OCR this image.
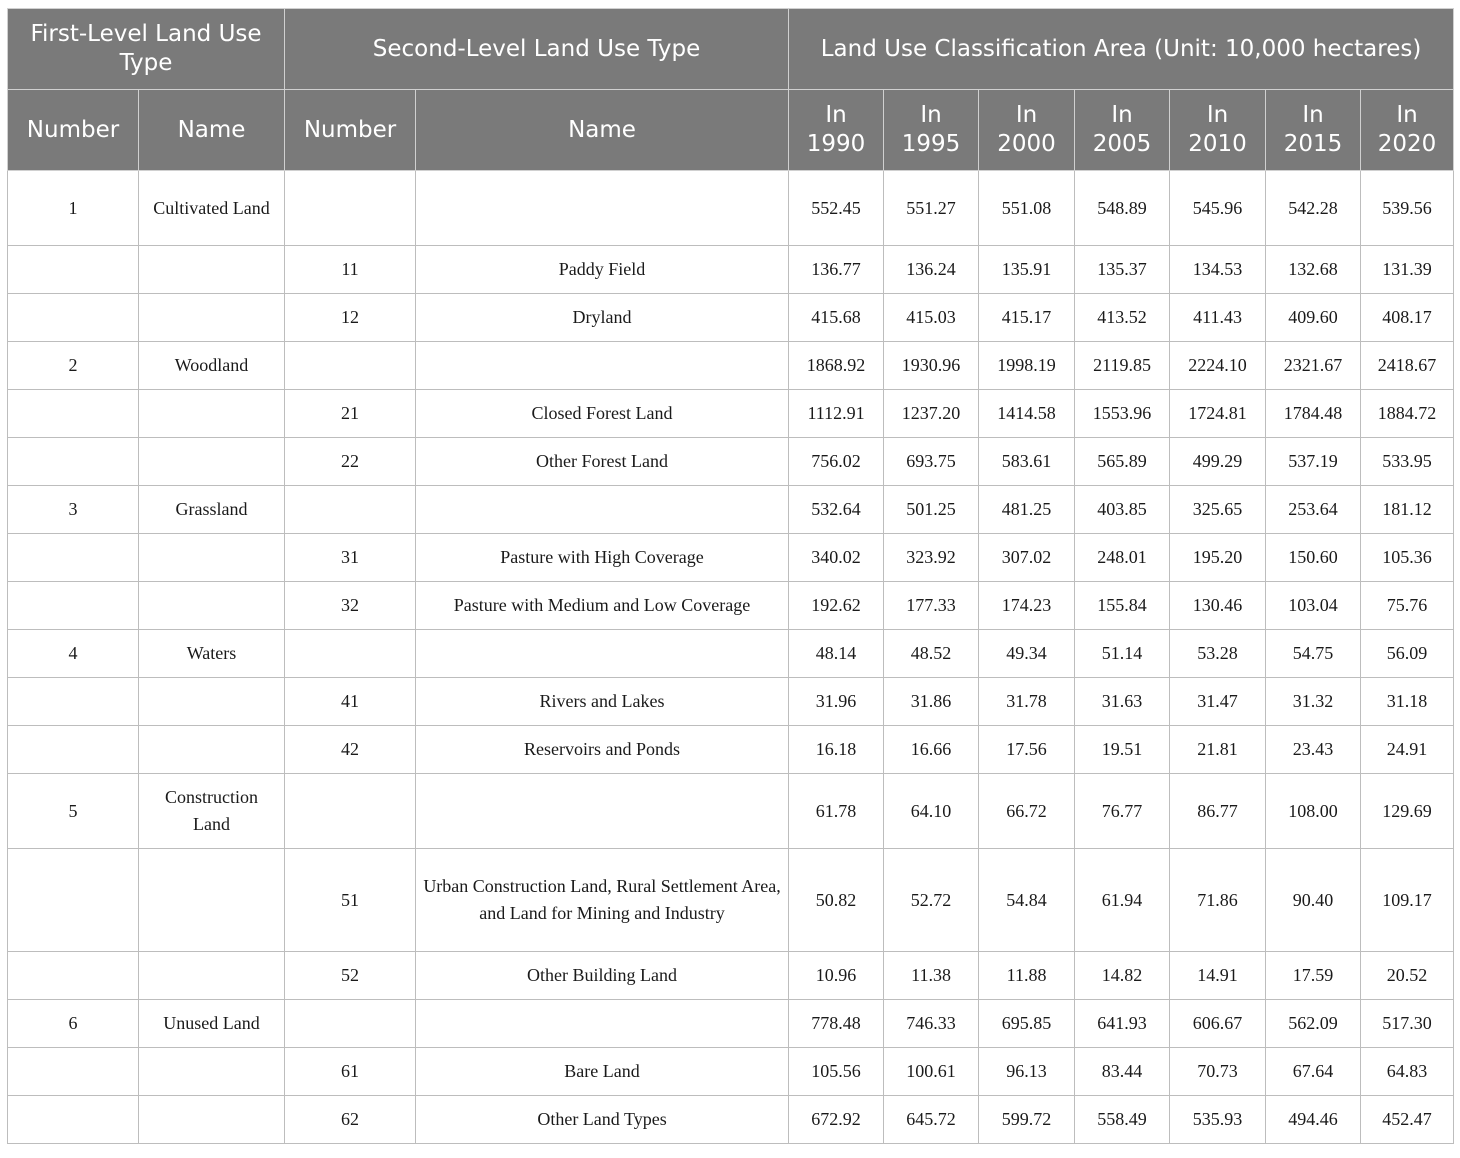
First-Level Land Use Type		Second-Level Land Use Type		Land Use Classification Area (Unit: 10,000 hectares)						
Number	Name	Number	Name	In 1990	In 1995	In 2000	In 2005	In 2010	In 2015	In 2020
1	Cultivated Land			552.45	551.27	551.08	548.89	545.96	542.28	539.56
		11	Paddy Field	136.77	136.24	135.91	135.37	134.53	132.68	131.39
		12	Dryland	415.68	415.03	415.17	413.52	411.43	409.60	408.17
2	Woodland			1868.92	1930.96	1998.19	2119.85	2224.10	2321.67	2418.67
		21	Closed Forest Land	1112.91	1237.20	1414.58	1553.96	1724.81	1784.48	1884.72
		22	Other Forest Land	756.02	693.75	583.61	565.89	499.29	537.19	533.95
3	Grassland			532.64	501.25	481.25	403.85	325.65	253.64	181.12
		31	Pasture with High Coverage	340.02	323.92	307.02	248.01	195.20	150.60	105.36
		32	Pasture with Medium and Low Coverage	192.62	177.33	174.23	155.84	130.46	103.04	75.76
4	Waters			48.14	48.52	49.34	51.14	53.28	54.75	56.09
		41	Rivers and Lakes	31.96	31.86	31.78	31.63	31.47	31.32	31.18
		42	Reservoirs and Ponds	16.18	16.66	17.56	19.51	21.81	23.43	24.91
5	Construction Land			61.78	64.10	66.72	76.77	86.77	108.00	129.69
		51	Urban Construction Land, Rural Settlement Area, and Land for Mining and Industry	50.82	52.72	54.84	61.94	71.86	90.40	109.17
		52	Other Building Land	10.96	11.38	11.88	14.82	14.91	17.59	20.52
6	Unused Land			778.48	746.33	695.85	641.93	606.67	562.09	517.30
		61	Bare Land	105.56	100.61	96.13	83.44	70.73	67.64	64.83
		62	Other Land Types	672.92	645.72	599.72	558.49	535.93	494.46	452.47
